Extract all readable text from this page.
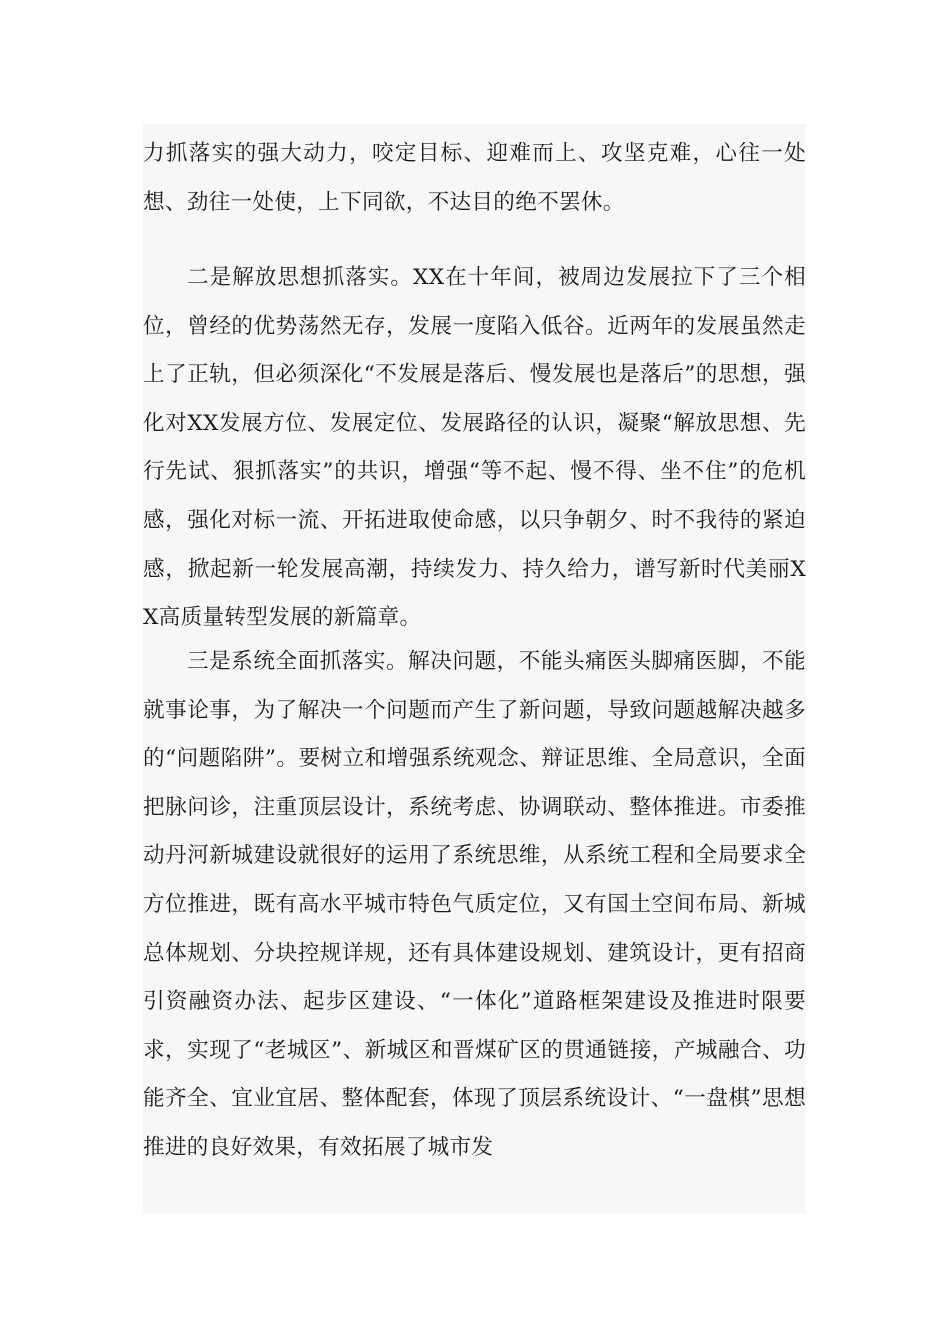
力抓落实的强大动力，咬定目标、迎难而上、攻坚克难，心往一处想、劲往一处使，上下同欲，不达目的绝不罢休。

二是解放思想抓落实。XX在十年间，被周边发展拉下了三个相位，曾经的优势荡然无存，发展一度陷入低谷。近两年的发展虽然走上了正轨，但必须深化“不发展是落后、慢发展也是落后”的思想，强化对XX发展方位、发展定位、发展路径的认识，凝聚“解放思想、先行先试、狠抓落实”的共识，增强“等不起、慢不得、坐不住”的危机感，强化对标一流、开拓进取使命感，以只争朝夕、时不我待的紧迫感，掀起新一轮发展高潮，持续发力、持久给力，谱写新时代美丽XX高质量转型发展的新篇章。

三是系统全面抓落实。解决问题，不能头痛医头脚痛医脚，不能就事论事，为了解决一个问题而产生了新问题，导致问题越解决越多的“问题陷阱”。要树立和增强系统观念、辩证思维、全局意识，全面把脉问诊，注重顶层设计，系统考虑、协调联动、整体推进。市委推动丹河新城建设就很好的运用了系统思维，从系统工程和全局要求全方位推进，既有高水平城市特色气质定位，又有国土空间布局、新城总体规划、分块控规详规，还有具体建设规划、建筑设计，更有招商引资融资办法、起步区建设、“一体化”道路框架建设及推进时限要求，实现了“老城区”、新城区和晋煤矿区的贯通链接，产城融合、功能齐全、宜业宜居、整体配套，体现了顶层系统设计、“一盘棋”思想推进的良好效果，有效拓展了城市发
